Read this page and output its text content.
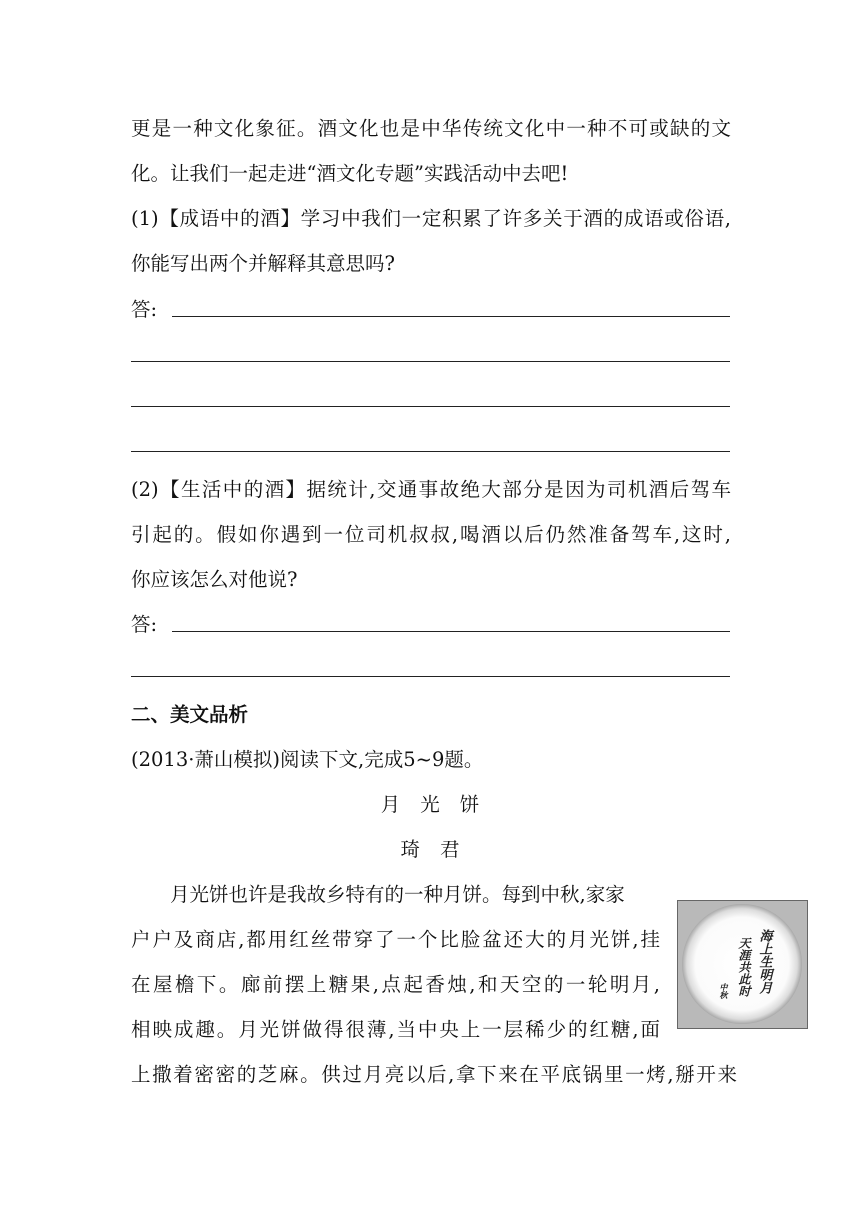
更是一种文化象征。酒文化也是中华传统文化中一种不可或缺的文
化。让我们一起走进“酒文化专题”实践活动中去吧!
(1)【成语中的酒】学习中我们一定积累了许多关于酒的成语或俗语,
你能写出两个并解释其意思吗?
答:
(2)【生活中的酒】据统计,交通事故绝大部分是因为司机酒后驾车
引起的。假如你遇到一位司机叔叔,喝酒以后仍然准备驾车,这时,
你应该怎么对他说?
答:
二、美文品析
(2013·萧山模拟)阅读下文,完成5~9题。
月光饼
琦君
月光饼也许是我故乡特有的一种月饼。每到中秋,家家
户户及商店,都用红丝带穿了一个比脸盆还大的月光饼,挂
在屋檐下。廊前摆上糖果,点起香烛,和天空的一轮明月,
相映成趣。月光饼做得很薄,当中央上一层稀少的红糖,面
上撒着密密的芝麻。供过月亮以后,拿下来在平底锅里一烤,掰开来
海上生明月
天涯共此时
中秋
